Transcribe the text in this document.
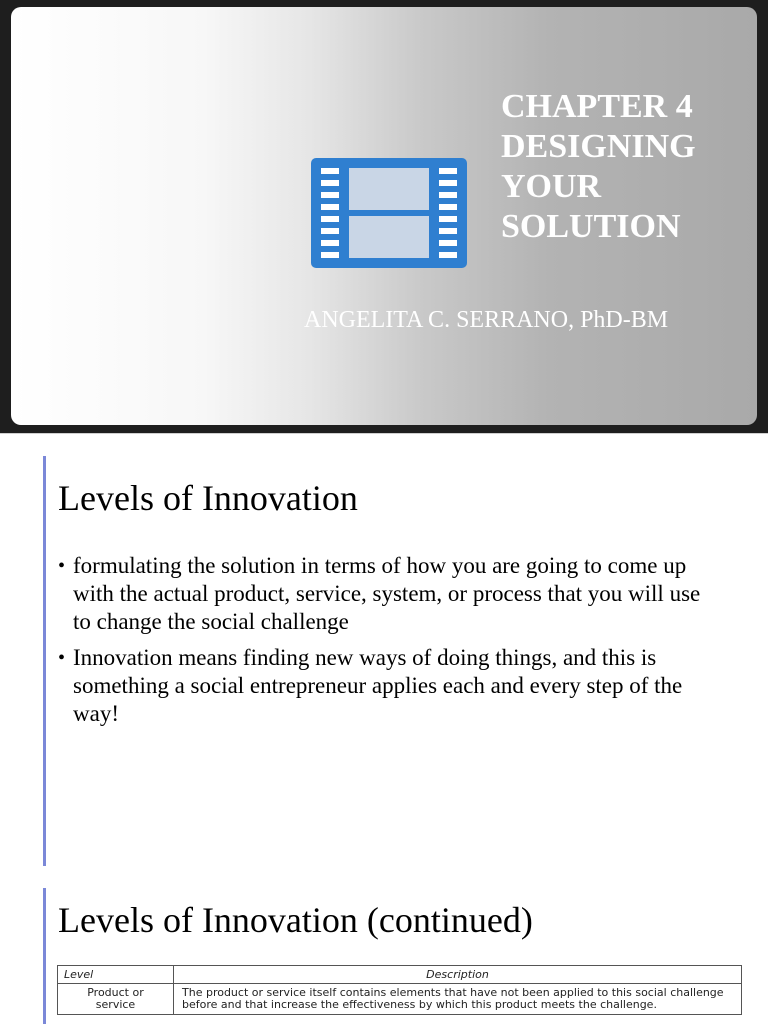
CHAPTER 4
DESIGNING
YOUR
SOLUTION
ANGELITA C. SERRANO, PhD-BM
Levels of Innovation
• formulating the solution in terms of how you are going to come up with the actual product, service, system, or process that you will use to change the social challenge
• Innovation means finding new ways of doing things, and this is something a social entrepreneur applies each and every step of the way!
Levels of Innovation (continued)
Level	Description
Product or service	The product or service itself contains elements that have not been applied to this social challenge before and that increase the effectiveness by which this product meets the challenge.
